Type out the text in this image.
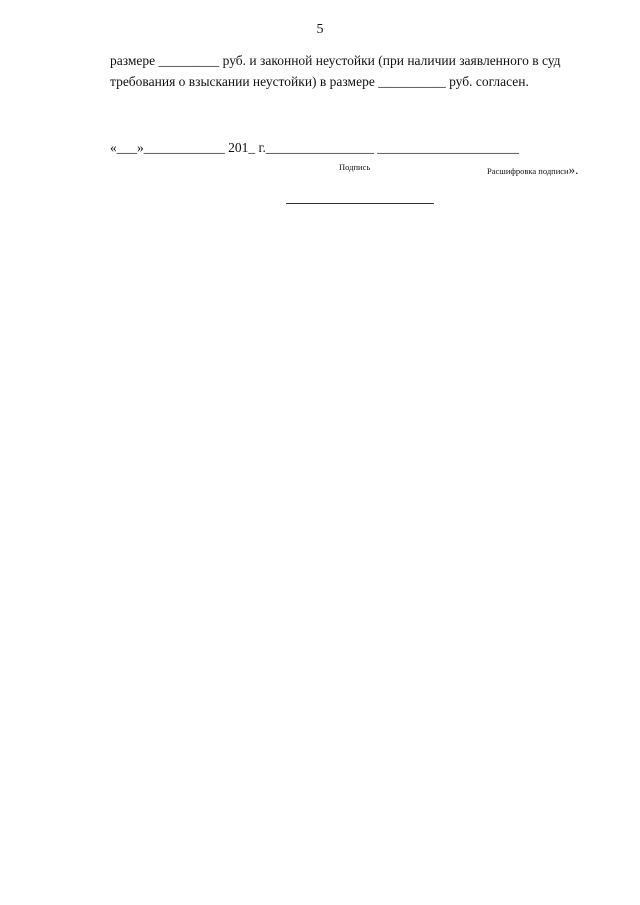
5
размере _________ руб. и законной неустойки (при наличии заявленного в суд
требования о взыскании неустойки) в размере __________ руб. согласен.
«___»____________ 201_ г.________________ _____________________
Подпись	Расшифровка подписи».
